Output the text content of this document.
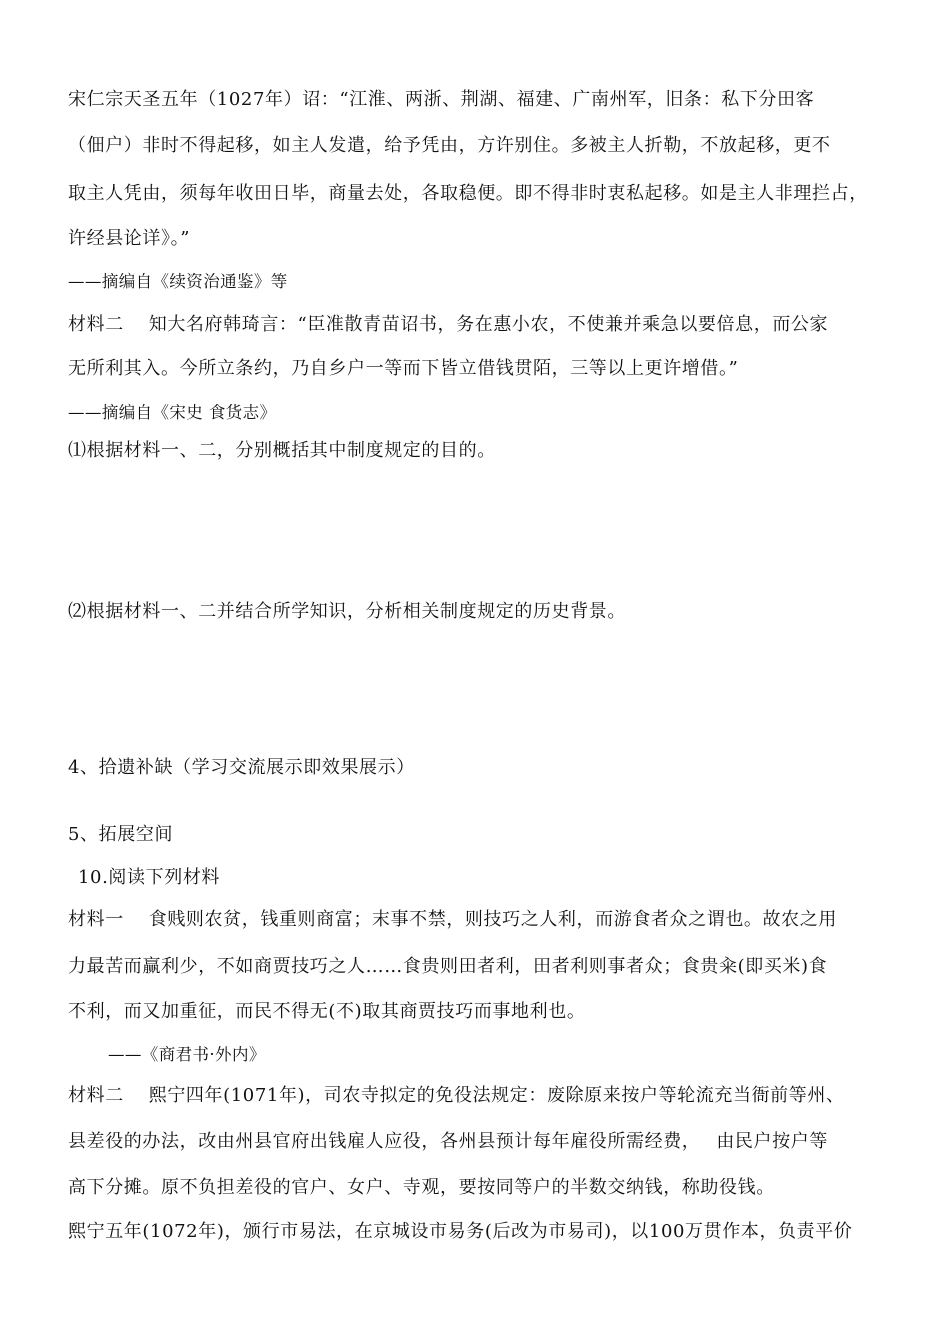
宋仁宗天圣五年（1027年）诏：“江淮、两浙、荆湖、福建、广南州军，旧条：私下分田客
（佃户）非时不得起移，如主人发遣，给予凭由，方许别住。多被主人折勒，不放起移，更不
取主人凭由，须每年收田日毕，商量去处，各取稳便。即不得非时衷私起移。如是主人非理拦占，
许经县论详》。”
——摘编自《续资治通鉴》等
材料二　 知大名府韩琦言：“臣准散青苗诏书，务在惠小农，不使兼并乘急以要倍息，而公家
无所利其入。今所立条约，乃自乡户一等而下皆立借钱贯陌，三等以上更许增借。”
——摘编自《宋史 食货志》
⑴根据材料一、二，分别概括其中制度规定的目的。
⑵根据材料一、二并结合所学知识，分析相关制度规定的历史背景。
4、拾遗补缺（学习交流展示即效果展示）
5、拓展空间
10.阅读下列材料
材料一　 食贱则农贫，钱重则商富；末事不禁，则技巧之人利，而游食者众之谓也。故农之用
力最苦而赢利少，不如商贾技巧之人……食贵则田者利，田者利则事者众；食贵籴(即买米)食
不利，而又加重征，而民不得无(不)取其商贾技巧而事地利也。
——《商君书·外内》
材料二　 熙宁四年(1071年)，司农寺拟定的免役法规定：废除原来按户等轮流充当衙前等州、
县差役的办法，改由州县官府出钱雇人应役，各州县预计每年雇役所需经费，　 由民户按户等
高下分摊。原不负担差役的官户、女户、寺观，要按同等户的半数交纳钱，称助役钱。
熙宁五年(1072年)，颁行市易法，在京城设市易务(后改为市易司)，以100万贯作本，负责平价
